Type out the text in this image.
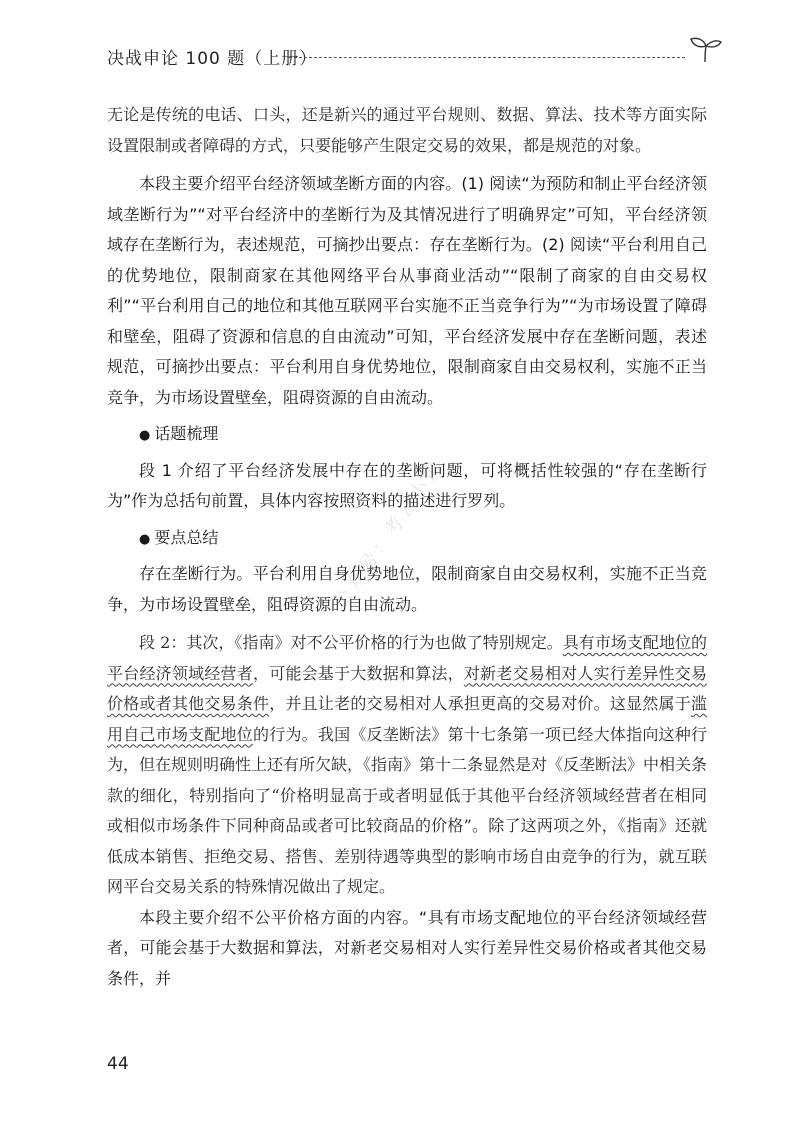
决战申论 100 题（上册）
公众号：考公小镇

无论是传统的电话、口头，还是新兴的通过平台规则、数据、算法、技术等方面实际设置限制或者障碍的方式，只要能够产生限定交易的效果，都是规范的对象。

本段主要介绍平台经济领域垄断方面的内容。(1) 阅读“为预防和制止平台经济领域垄断行为”“对平台经济中的垄断行为及其情况进行了明确界定”可知，平台经济领域存在垄断行为，表述规范，可摘抄出要点：存在垄断行为。(2) 阅读“平台利用自己的优势地位，限制商家在其他网络平台从事商业活动”“限制了商家的自由交易权利”“平台利用自己的地位和其他互联网平台实施不正当竞争行为”“为市场设置了障碍和壁垒，阻碍了资源和信息的自由流动”可知，平台经济发展中存在垄断问题，表述规范，可摘抄出要点：平台利用自身优势地位，限制商家自由交易权利，实施不正当竞争，为市场设置壁垒，阻碍资源的自由流动。

● 话题梳理

段 1 介绍了平台经济发展中存在的垄断问题，可将概括性较强的“存在垄断行为”作为总括句前置，具体内容按照资料的描述进行罗列。

● 要点总结

存在垄断行为。平台利用自身优势地位，限制商家自由交易权利，实施不正当竞争，为市场设置壁垒，阻碍资源的自由流动。

段 2：其次，《指南》对不公平价格的行为也做了特别规定。具有市场支配地位的平台经济领域经营者，可能会基于大数据和算法，对新老交易相对人实行差异性交易价格或者其他交易条件，并且让老的交易相对人承担更高的交易对价。这显然属于滥用自己市场支配地位的行为。我国《反垄断法》第十七条第一项已经大体指向这种行为，但在规则明确性上还有所欠缺，《指南》第十二条显然是对《反垄断法》中相关条款的细化，特别指向了“价格明显高于或者明显低于其他平台经济领域经营者在相同或相似市场条件下同种商品或者可比较商品的价格”。除了这两项之外，《指南》还就低成本销售、拒绝交易、搭售、差别待遇等典型的影响市场自由竞争的行为，就互联网平台交易关系的特殊情况做出了规定。

本段主要介绍不公平价格方面的内容。“具有市场支配地位的平台经济领域经营者，可能会基于大数据和算法，对新老交易相对人实行差异性交易价格或者其他交易条件，并

44
